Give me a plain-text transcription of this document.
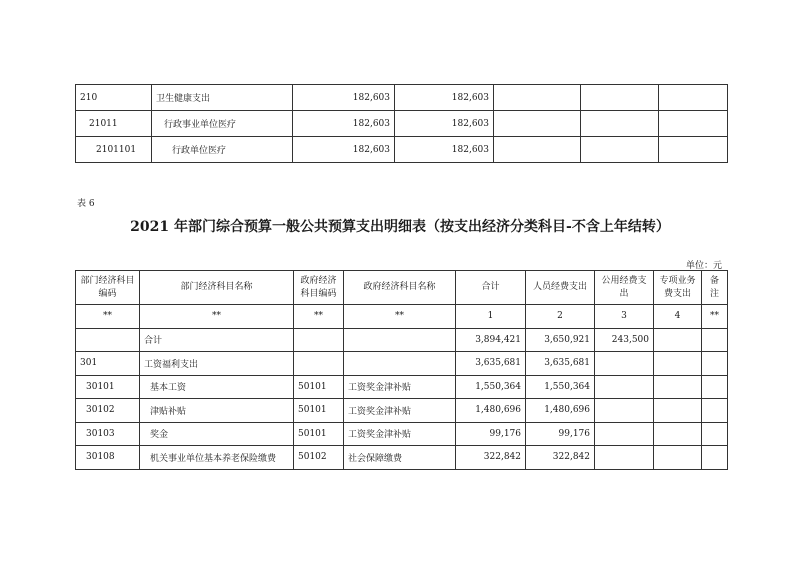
210	卫生健康支出	182,603	182,603			
21011	行政事业单位医疗	182,603	182,603			
2101101	行政单位医疗	182,603	182,603			
表 6
2021 年部门综合预算一般公共预算支出明细表（按支出经济分类科目-不含上年结转）
单位：元
部门经济科目编码	部门经济科目名称	政府经济科目编码	政府经济科目名称	合计	人员经费支出	公用经费支出	专项业务费支出	备注
**	**	**	**	1	2	3	4	**
	合计			3,894,421	3,650,921	243,500		
301	工资福利支出			3,635,681	3,635,681			
30101	基本工资	50101	工资奖金津补贴	1,550,364	1,550,364			
30102	津贴补贴	50101	工资奖金津补贴	1,480,696	1,480,696			
30103	奖金	50101	工资奖金津补贴	99,176	99,176			
30108	机关事业单位基本养老保险缴费	50102	社会保障缴费	322,842	322,842			
